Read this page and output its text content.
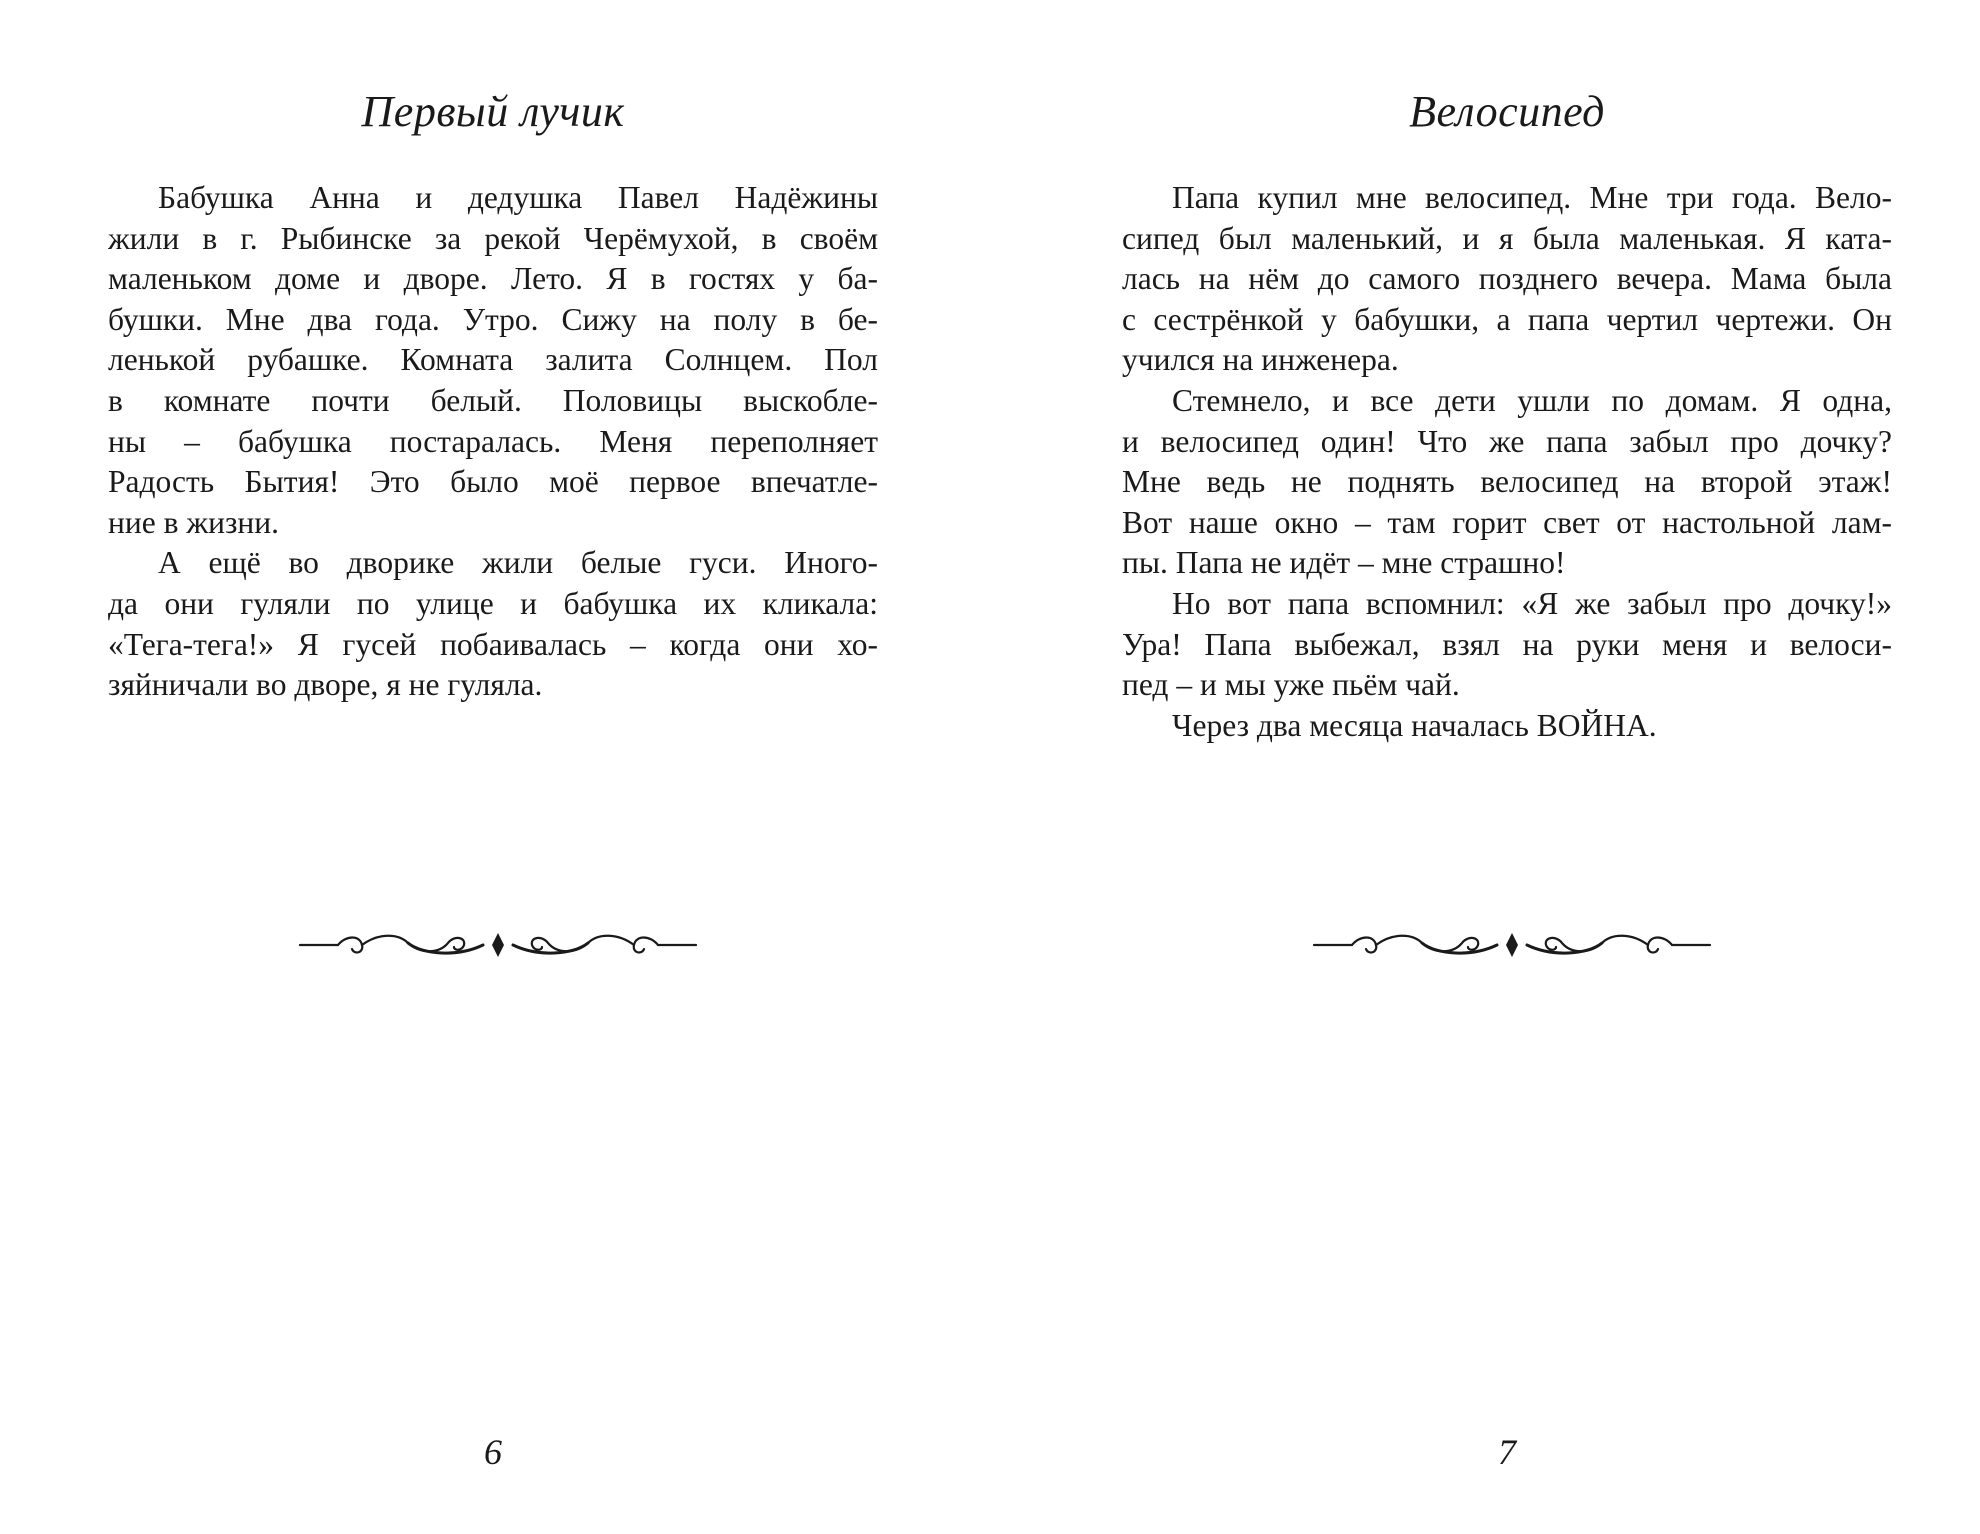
Первый лучик

Бабушка Анна и дедушка Павел Надёжины
жили в г. Рыбинске за рекой Черёмухой, в своём
маленьком доме и дворе. Лето. Я в гостях у ба-
бушки. Мне два года. Утро. Сижу на полу в бе-
ленькой рубашке. Комната залита Солнцем. Пол
в комнате почти белый. Половицы выскобле-
ны – бабушка постаралась. Меня переполняет
Радость Бытия! Это было моё первое впечатле-
ние в жизни.

А ещё во дворике жили белые гуси. Иного-
да они гуляли по улице и бабушка их кликала:
«Тега-тега!» Я гусей побаивалась – когда они хо-
зяйничали во дворе, я не гуляла.

6
Велосипед

Папа купил мне велосипед. Мне три года. Вело-
сипед был маленький, и я была маленькая. Я ката-
лась на нём до самого позднего вечера. Мама была
с сестрёнкой у бабушки, а папа чертил чертежи. Он
учился на инженера.

Стемнело, и все дети ушли по домам. Я одна,
и велосипед один! Что же папа забыл про дочку?
Мне ведь не поднять велосипед на второй этаж!
Вот наше окно – там горит свет от настольной лам-
пы. Папа не идёт – мне страшно!

Но вот папа вспомнил: «Я же забыл про дочку!»
Ура! Папа выбежал, взял на руки меня и велоси-
пед – и мы уже пьём чай.

Через два месяца началась ВОЙНА.

7
